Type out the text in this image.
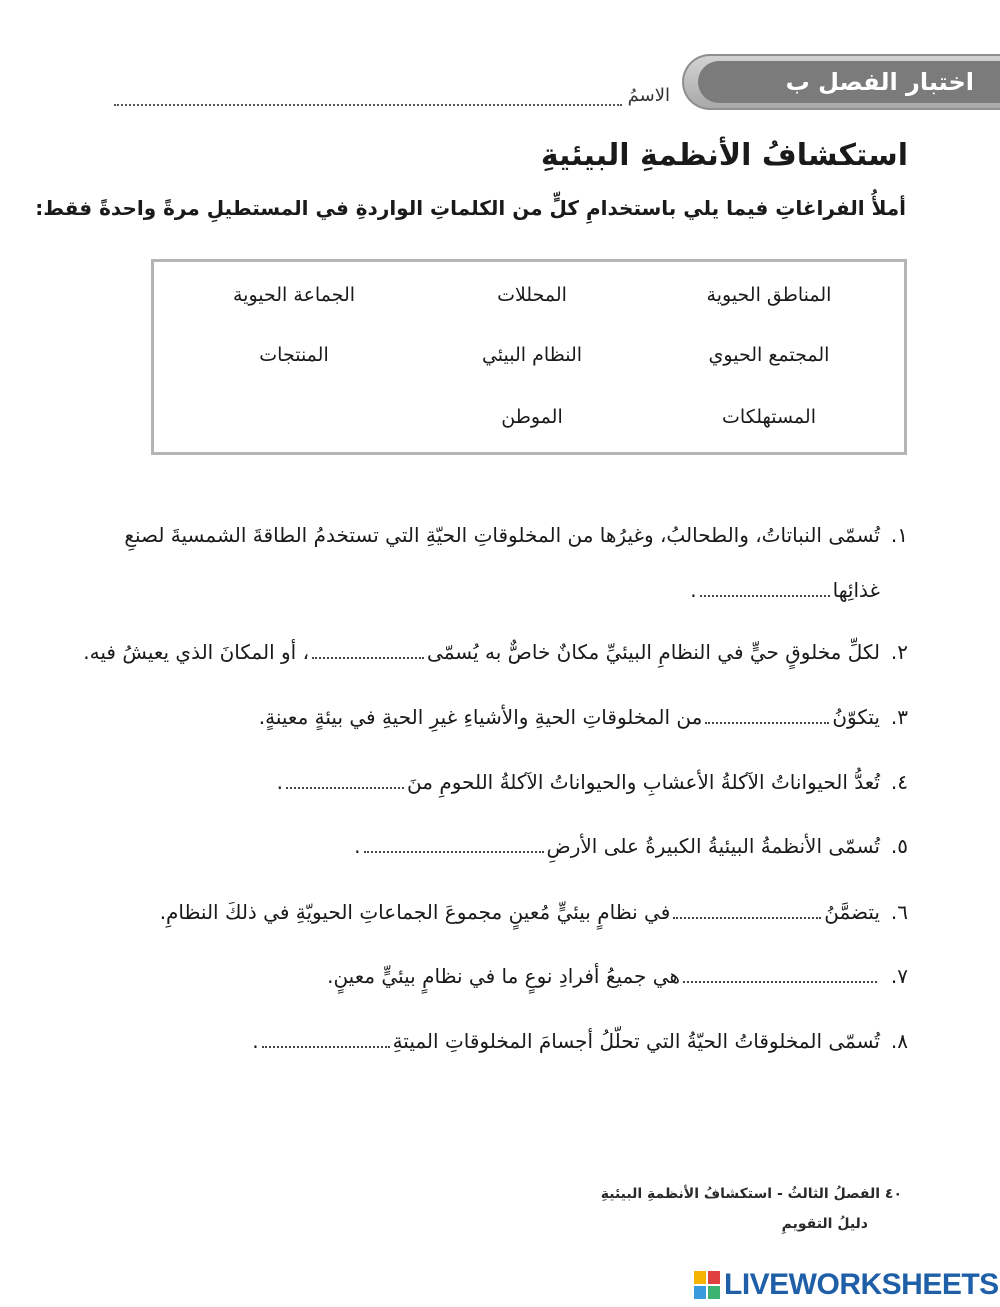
اختبار الفصل ب
الاسمُ
استكشافُ الأنظمةِ البيئيةِ
أملأُ الفراغاتِ فيما يلي باستخدامِ كلٍّ من الكلماتِ الواردةِ في المستطيلِ مرةً واحدةً فقط:
المناطق الحيوية
المحللات
الجماعة الحيوية
المجتمع الحيوي
النظام البيئي
المنتجات
المستهلكات
الموطن
١.
تُسمّى النباتاتُ، والطحالبُ، وغيرُها من المخلوقاتِ الحيّةِ التي تستخدمُ الطاقةَ الشمسيةَ لصنعِ
غذائِها
.
٢.
لكلِّ مخلوقٍ حيٍّ في النظامِ البيئيِّ مكانٌ خاصٌّ به يُسمّى
، أو المكانَ الذي يعيشُ فيه.
٣.
يتكوّنُ
من المخلوقاتِ الحيةِ والأشياءِ غيرِ الحيةِ في بيئةٍ معينةٍ.
٤.
تُعدُّ الحيواناتُ الآكلةُ الأعشابِ والحيواناتُ الآكلةُ اللحومِ منَ
.
٥.
تُسمّى الأنظمةُ البيئيةُ الكبيرةُ على الأرضِ
.
٦.
يتضمَّنُ
في نظامٍ بيئيٍّ مُعينٍ مجموعَ الجماعاتِ الحيويّةِ في ذلكَ النظامِ.
٧.
هي جميعُ أفرادِ نوعٍ ما في نظامٍ بيئيٍّ معينٍ.
٨.
تُسمّى المخلوقاتُ الحيّةُ التي تحلّلُ أجسامَ المخلوقاتِ الميتةِ
.
٤٠ الفصلُ الثالثُ - استكشافُ الأنظمةِ البيئيةِ
دليلُ التقويمِ
LIVEWORKSHEETS
